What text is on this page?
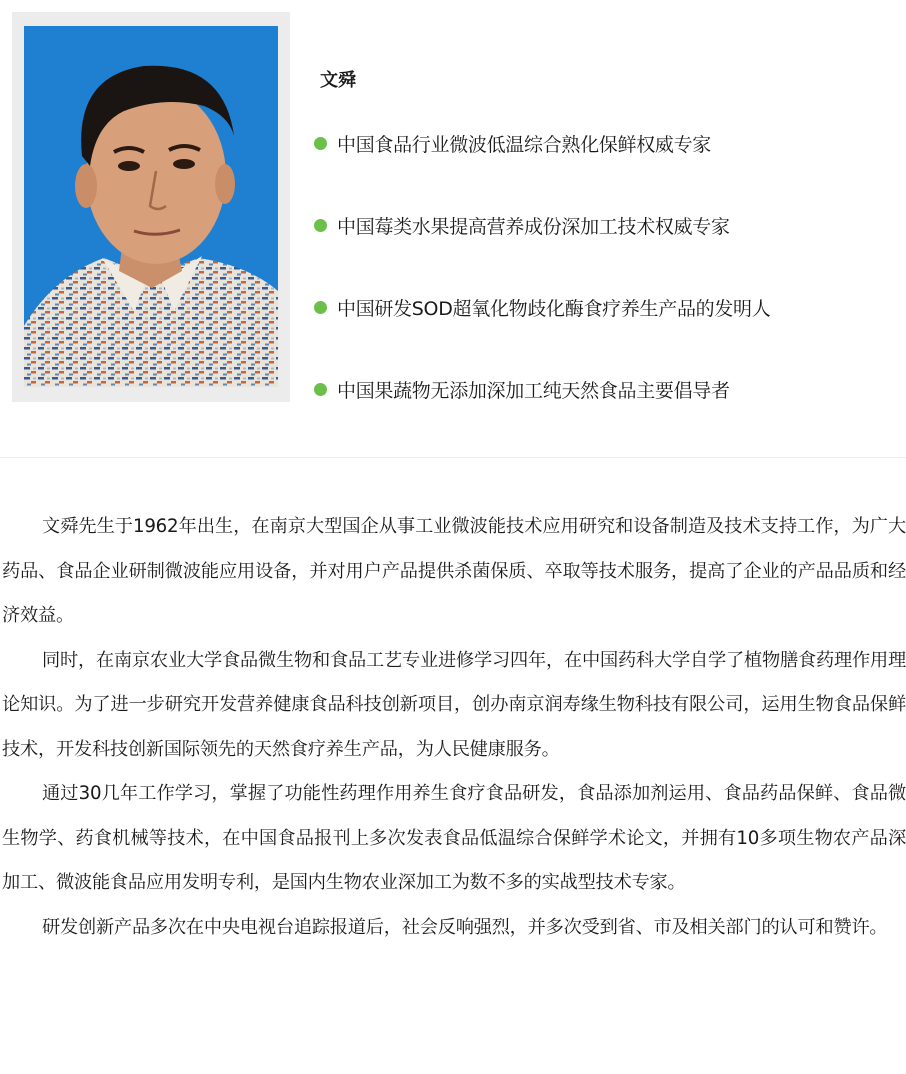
文舜
中国食品行业微波低温综合熟化保鲜权威专家
中国莓类水果提高营养成份深加工技术权威专家
中国研发SOD超氧化物歧化酶食疗养生产品的发明人
中国果蔬物无添加深加工纯天然食品主要倡导者

文舜先生于1962年出生，在南京大型国企从事工业微波能技术应用研究和设备制造及技术支持工作，为广大药品、食品企业研制微波能应用设备，并对用户产品提供杀菌保质、卒取等技术服务，提高了企业的产品品质和经济效益。

同时，在南京农业大学食品微生物和食品工艺专业进修学习四年，在中国药科大学自学了植物膳食药理作用理论知识。为了进一步研究开发营养健康食品科技创新项目，创办南京润寿缘生物科技有限公司，运用生物食品保鲜技术，开发科技创新国际领先的天然食疗养生产品，为人民健康服务。

通过30几年工作学习，掌握了功能性药理作用养生食疗食品研发，食品添加剂运用、食品药品保鲜、食品微生物学、药食机械等技术，在中国食品报刊上多次发表食品低温综合保鲜学术论文，并拥有10多项生物农产品深加工、微波能食品应用发明专利，是国内生物农业深加工为数不多的实战型技术专家。

研发创新产品多次在中央电视台追踪报道后，社会反响强烈，并多次受到省、市及相关部门的认可和赞许。
